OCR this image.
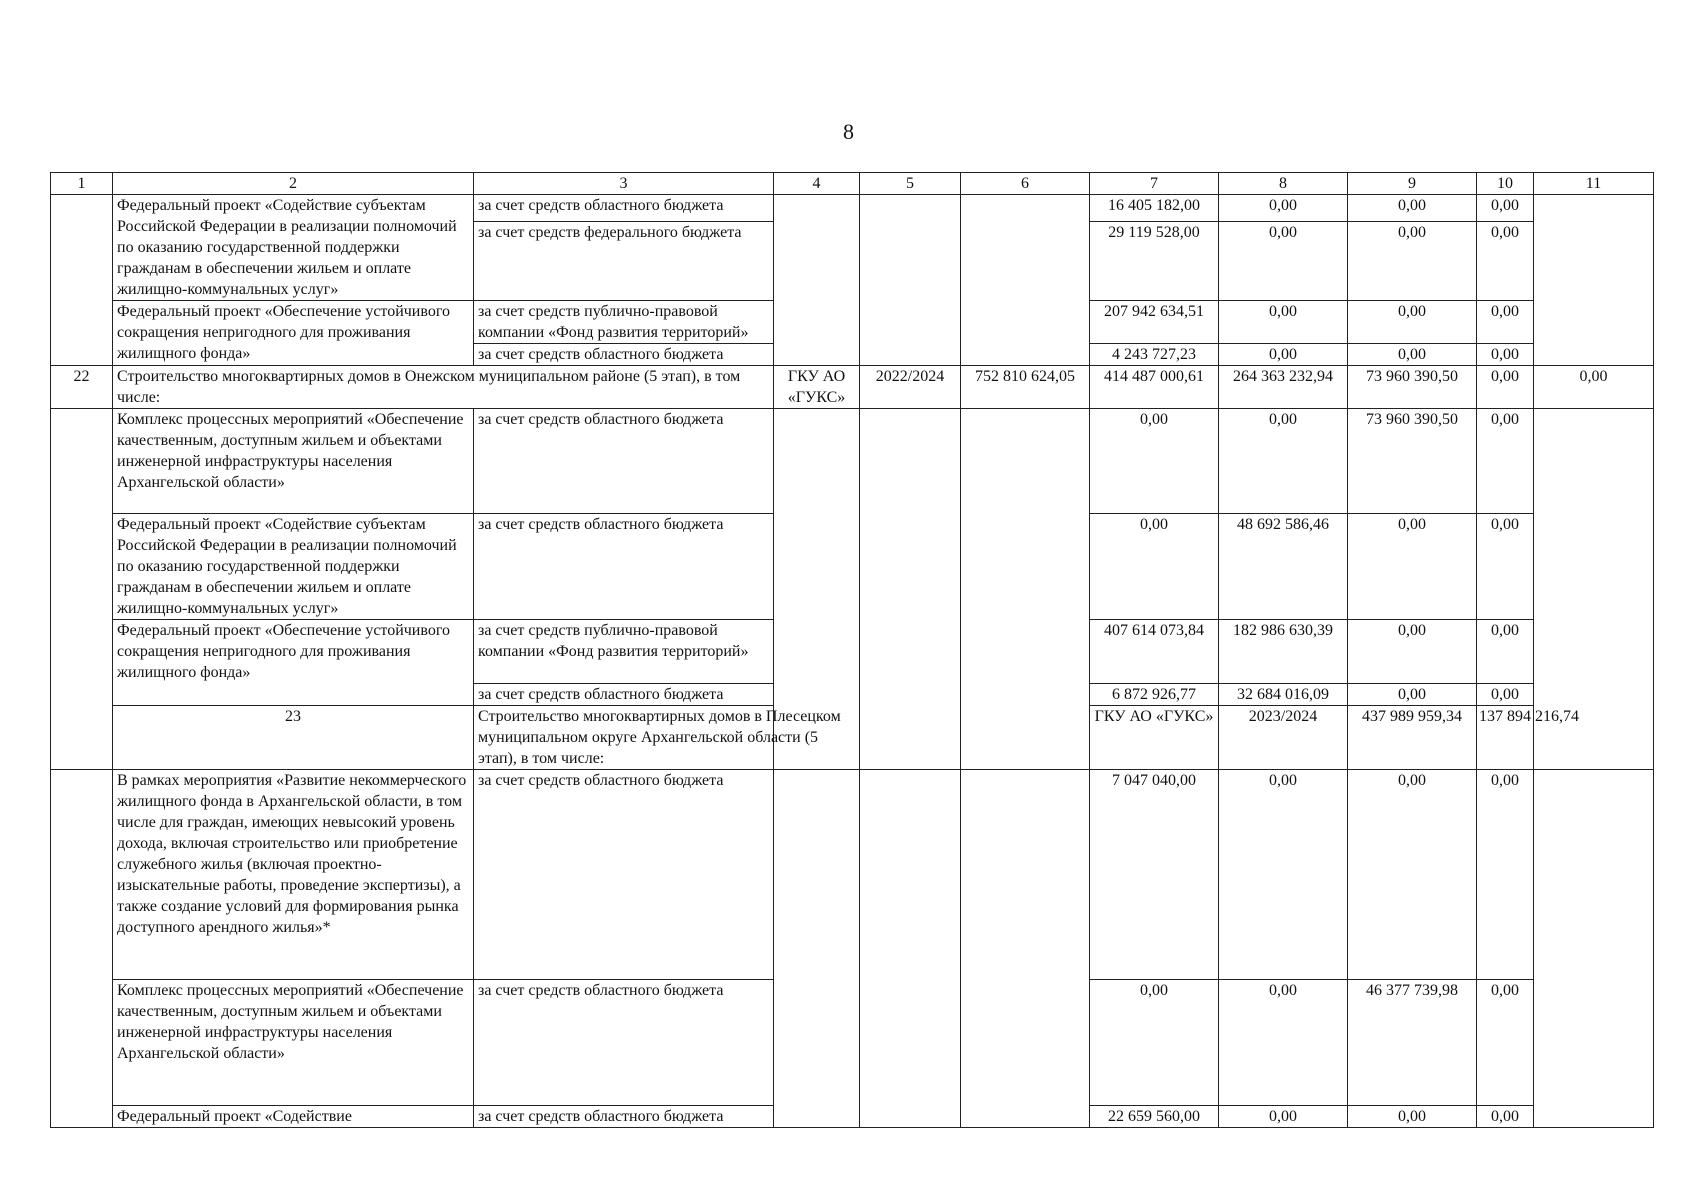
8
1	2	3	4	5	6	7	8	9	10	11	
	Федеральный проект «Содействие субъектам Российской Федерации в реализации полномочий по оказанию государственной поддержки гражданам в обеспечении жильем и оплате жилищно-коммунальных услуг»	за счет средств областного бюджета				16 405 182,00	0,00	0,00	0,00		
		за счет средств федерального бюджета				29 119 528,00	0,00	0,00	0,00		
	Федеральный проект «Обеспечение устойчивого сокращения непригодного для проживания жилищного фонда»	за счет средств публично-правовой компании «Фонд развития территорий»				207 942 634,51	0,00	0,00	0,00		
		за счет средств областного бюджета				4 243 727,23	0,00	0,00	0,00		
22	Строительство многоквартирных домов в Онежском муниципальном районе (5 этап), в том числе:		ГКУ АО «ГУКС»	2022/2024	752 810 624,05	414 487 000,61	264 363 232,94	73 960 390,50	0,00	0,00	
	Комплекс процессных мероприятий «Обеспечение качественным, доступным жильем и объектами инженерной инфраструктуры населения Архангельской области»	за счет средств областного бюджета				0,00	0,00	73 960 390,50	0,00		
	Федеральный проект «Содействие субъектам Российской Федерации в реализации полномочий по оказанию государственной поддержки гражданам в обеспечении жильем и оплате жилищно-коммунальных услуг»	за счет средств областного бюджета				0,00	48 692 586,46	0,00	0,00		
	Федеральный проект «Обеспечение устойчивого сокращения непригодного для проживания жилищного фонда»	за счет средств публично-правовой компании «Фонд развития территорий»				407 614 073,84	182 986 630,39	0,00	0,00		
		за счет средств областного бюджета				6 872 926,77	32 684 016,09	0,00	0,00		
	23	Строительство многоквартирных домов в Плесецком муниципальном округе Архангельской области (5 этап), в том числе:				ГКУ АО «ГУКС»	2023/2024	437 989 959,34	137 894 216,74				
	В рамках мероприятия «Развитие некоммерческого жилищного фонда в Архангельской области, в том числе для граждан, имеющих невысокий уровень дохода, включая строительство или приобретение служебного жилья (включая проектно-изыскательные работы, проведение экспертизы), а также создание условий для формирования рынка доступного арендного жилья»*	за счет средств областного бюджета				7 047 040,00	0,00	0,00	0,00		
	Комплекс процессных мероприятий «Обеспечение качественным, доступным жильем и объектами инженерной инфраструктуры населения Архангельской области»	за счет средств областного бюджета				0,00	0,00	46 377 739,98	0,00		
	Федеральный проект «Содействие	за счет средств областного бюджета				22 659 560,00	0,00	0,00	0,00		
